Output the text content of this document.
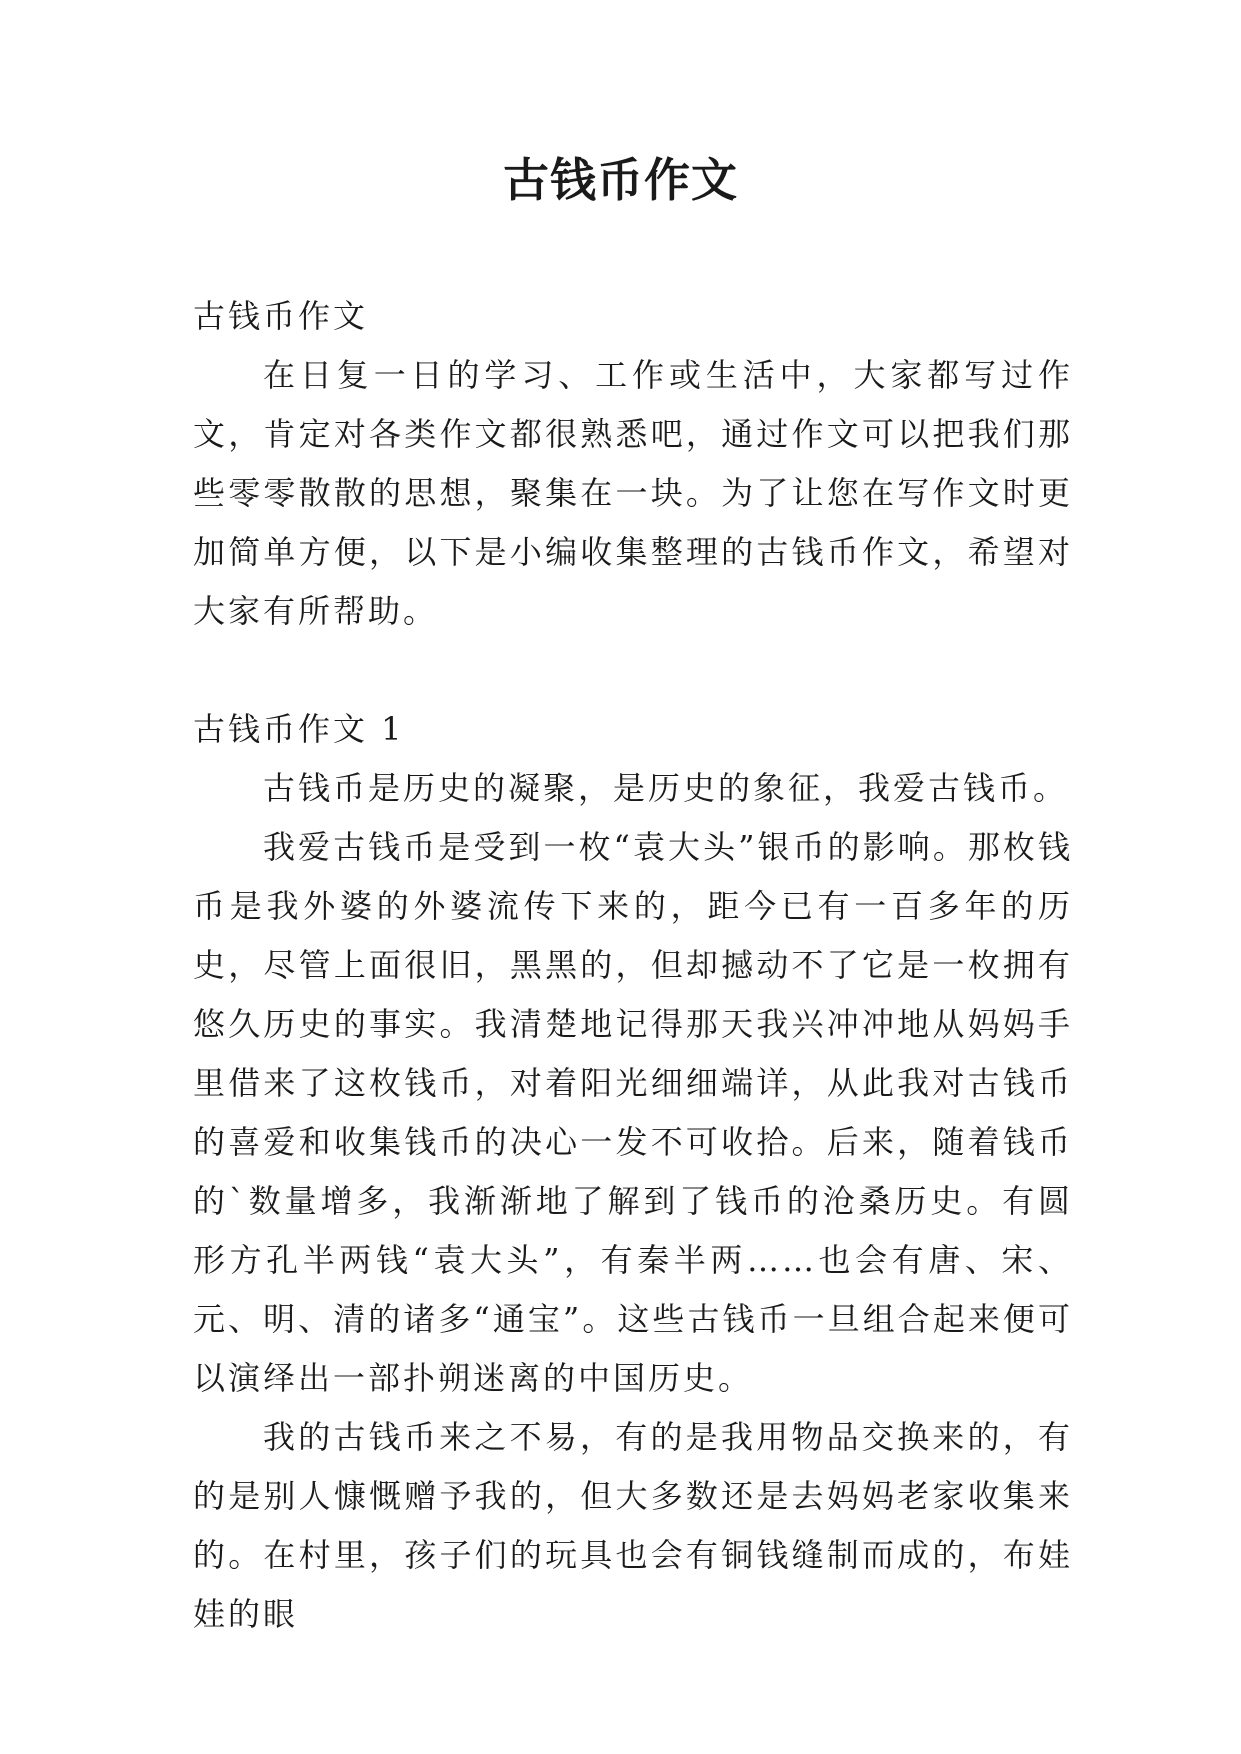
古钱币作文

古钱币作文

在日复一日的学习、工作或生活中，大家都写过作文，肯定对各类作文都很熟悉吧，通过作文可以把我们那些零零散散的思想，聚集在一块。为了让您在写作文时更加简单方便，以下是小编收集整理的古钱币作文，希望对大家有所帮助。

古钱币作文 1

古钱币是历史的凝聚，是历史的象征，我爱古钱币。

我爱古钱币是受到一枚“袁大头”银币的影响。那枚钱币是我外婆的外婆流传下来的，距今已有一百多年的历史，尽管上面很旧，黑黑的，但却撼动不了它是一枚拥有悠久历史的事实。我清楚地记得那天我兴冲冲地从妈妈手里借来了这枚钱币，对着阳光细细端详，从此我对古钱币的喜爱和收集钱币的决心一发不可收拾。后来，随着钱币的`数量增多，我渐渐地了解到了钱币的沧桑历史。有圆形方孔半两钱“袁大头”，有秦半两……也会有唐、宋、元、明、清的诸多“通宝”。这些古钱币一旦组合起来便可以演绎出一部扑朔迷离的中国历史。

我的古钱币来之不易，有的是我用物品交换来的，有的是别人慷慨赠予我的，但大多数还是去妈妈老家收集来的。在村里，孩子们的玩具也会有铜钱缝制而成的，布娃娃的眼
